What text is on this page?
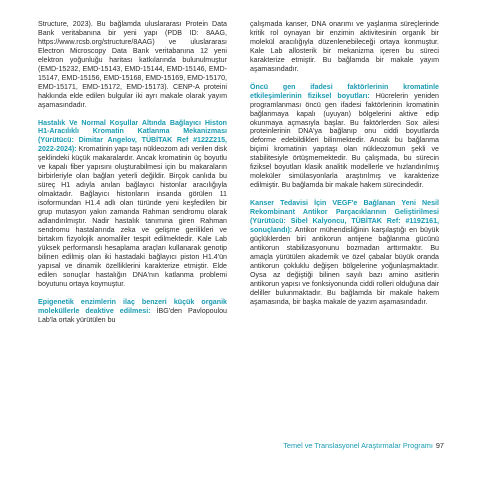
Structure, 2023). Bu bağlamda uluslararası Protein Data Bank veritabanına bir yeni yapı (PDB ID: 8AAG, https://www.rcsb.org/structure/8AAG) ve uluslararası Electron Microscopy Data Bank veritabanına 12 yeni elektron yoğunluğu haritası katkılarında bulunulmuştur (EMD-15232, EMD-15143, EMD-15144, EMD-15146, EMD-15147, EMD-15156, EMD-15168, EMD-15169, EMD-15170, EMD-15171, EMD-15172, EMD-15173). CENP-A proteini hakkında elde edilen bulgular iki ayrı makale olarak yayım aşamasındadır.

Hastalık Ve Normal Koşullar Altında Bağlayıcı Histon H1-Aracılıklı Kromatin Katlanma Mekanizması (Yürütücü: Dimitar Angelov, TÜBİTAK Ref #122Z215, 2022-2024): Kromatinin yapı taşı nükleozom adı verilen disk şeklindeki küçük makaralardır. Ancak kromatinin üç boyutlu ve kapalı fiber yapısını oluşturabilmesi için bu makaraların birbirleriyle olan bağları yeterli değildir. Birçok canlıda bu süreç H1 adıyla anılan bağlayıcı histonlar aracılığıyla olmaktadır. Bağlayıcı histonların insanda görülen 11 isoformundan H1.4 adlı olan türünde yeni keşfedilen bir grup mutasyon yakın zamanda Rahman sendromu olarak adlandırılmıştır. Nadir hastalık tanımına giren Rahman sendromu hastalarında zeka ve gelişme gerilikleri ve birtakım fizyolojik anomaliler tespit edilmektedir. Kale Lab yüksek performanslı hesaplama araçları kullanarak genotip bilinen edilmiş olan iki hastadaki bağlayıcı piston H1.4'ün yapısal ve dinamik özelliklerini karakterize etmiştir. Elde edilen sonuçlar hastalığın DNA'nın katlanma problemi boyutunu ortaya koymuştur.

Epigenetik enzimlerin ilaç benzeri küçük organik moleküllerle deaktive edilmesi: İBG'den Pavlopoulou Lab'la ortak yürütülen bu

çalışmada kanser, DNA onarımı ve yaşlanma süreçlerinde kritik rol oynayan bir enzimin aktivitesinin organik bir molekül aracılığıyla düzenlenebileceği ortaya konmuştur. Kale Lab allosterik bir mekanizma içeren bu süreci karakterize etmiştir. Bu bağlamda bir makale yayım aşamasındadır.

Öncü gen ifadesi faktörlerinin kromatinle etkileşimlerinin fiziksel boyutları: Hücrelerin yeniden programlanması öncü gen ifadesi faktörlerinin kromatinin bağlanmaya kapalı (uyuyan) bölgelerini aktive edip okunmaya açmasıyla başlar. Bu faktörlerden Sox ailesi proteinlerinin DNA'ya bağlanıp onu ciddi boyutlarda deforme edebildikleri bilinmektedir. Ancak bu bağlanma biçimi kromatinin yapıtaşı olan nükleozomun şekli ve stabilitesiyle örtüşmemektedir. Bu çalışmada, bu sürecin fiziksel boyutları klasik analitik modellerle ve hızlandırılmış moleküler simülasyonlarla araştırılmış ve karakterize edilmiştir. Bu bağlamda bir makale hakem sürecindedir.

Kanser Tedavisi İçin VEGF'e Bağlanan Yeni Nesil Rekombinant Antikor Parçacıklarının Geliştirilmesi (Yürütücü: Sibel Kalyoncu, TÜBİTAK Ref: #119Z161, sonuçlandı): Antikor mühendisliğinin karşılaştığı en büyük güçlüklerden biri antikorun antijene bağlanma gücünü antikorun stabilizasyonunu bozmadan arttırmaktır. Bu amaçla yürütülen akademik ve özel çabalar büyük oranda antikorun çokluklu değişen bölgelerine yoğunlaşmaktadır. Oysa az değiştiği bilinen sayılı bazı amino asitlerin antikorun yapısı ve fonksiyonunda ciddi rolleri olduğuna dair deliller bulunmaktadır. Bu bağlamda bir makale hakem aşamasında, bir başka makale de yazım aşamasındadır.

Temel ve Translasyonel Araştırmalar Programı 97
